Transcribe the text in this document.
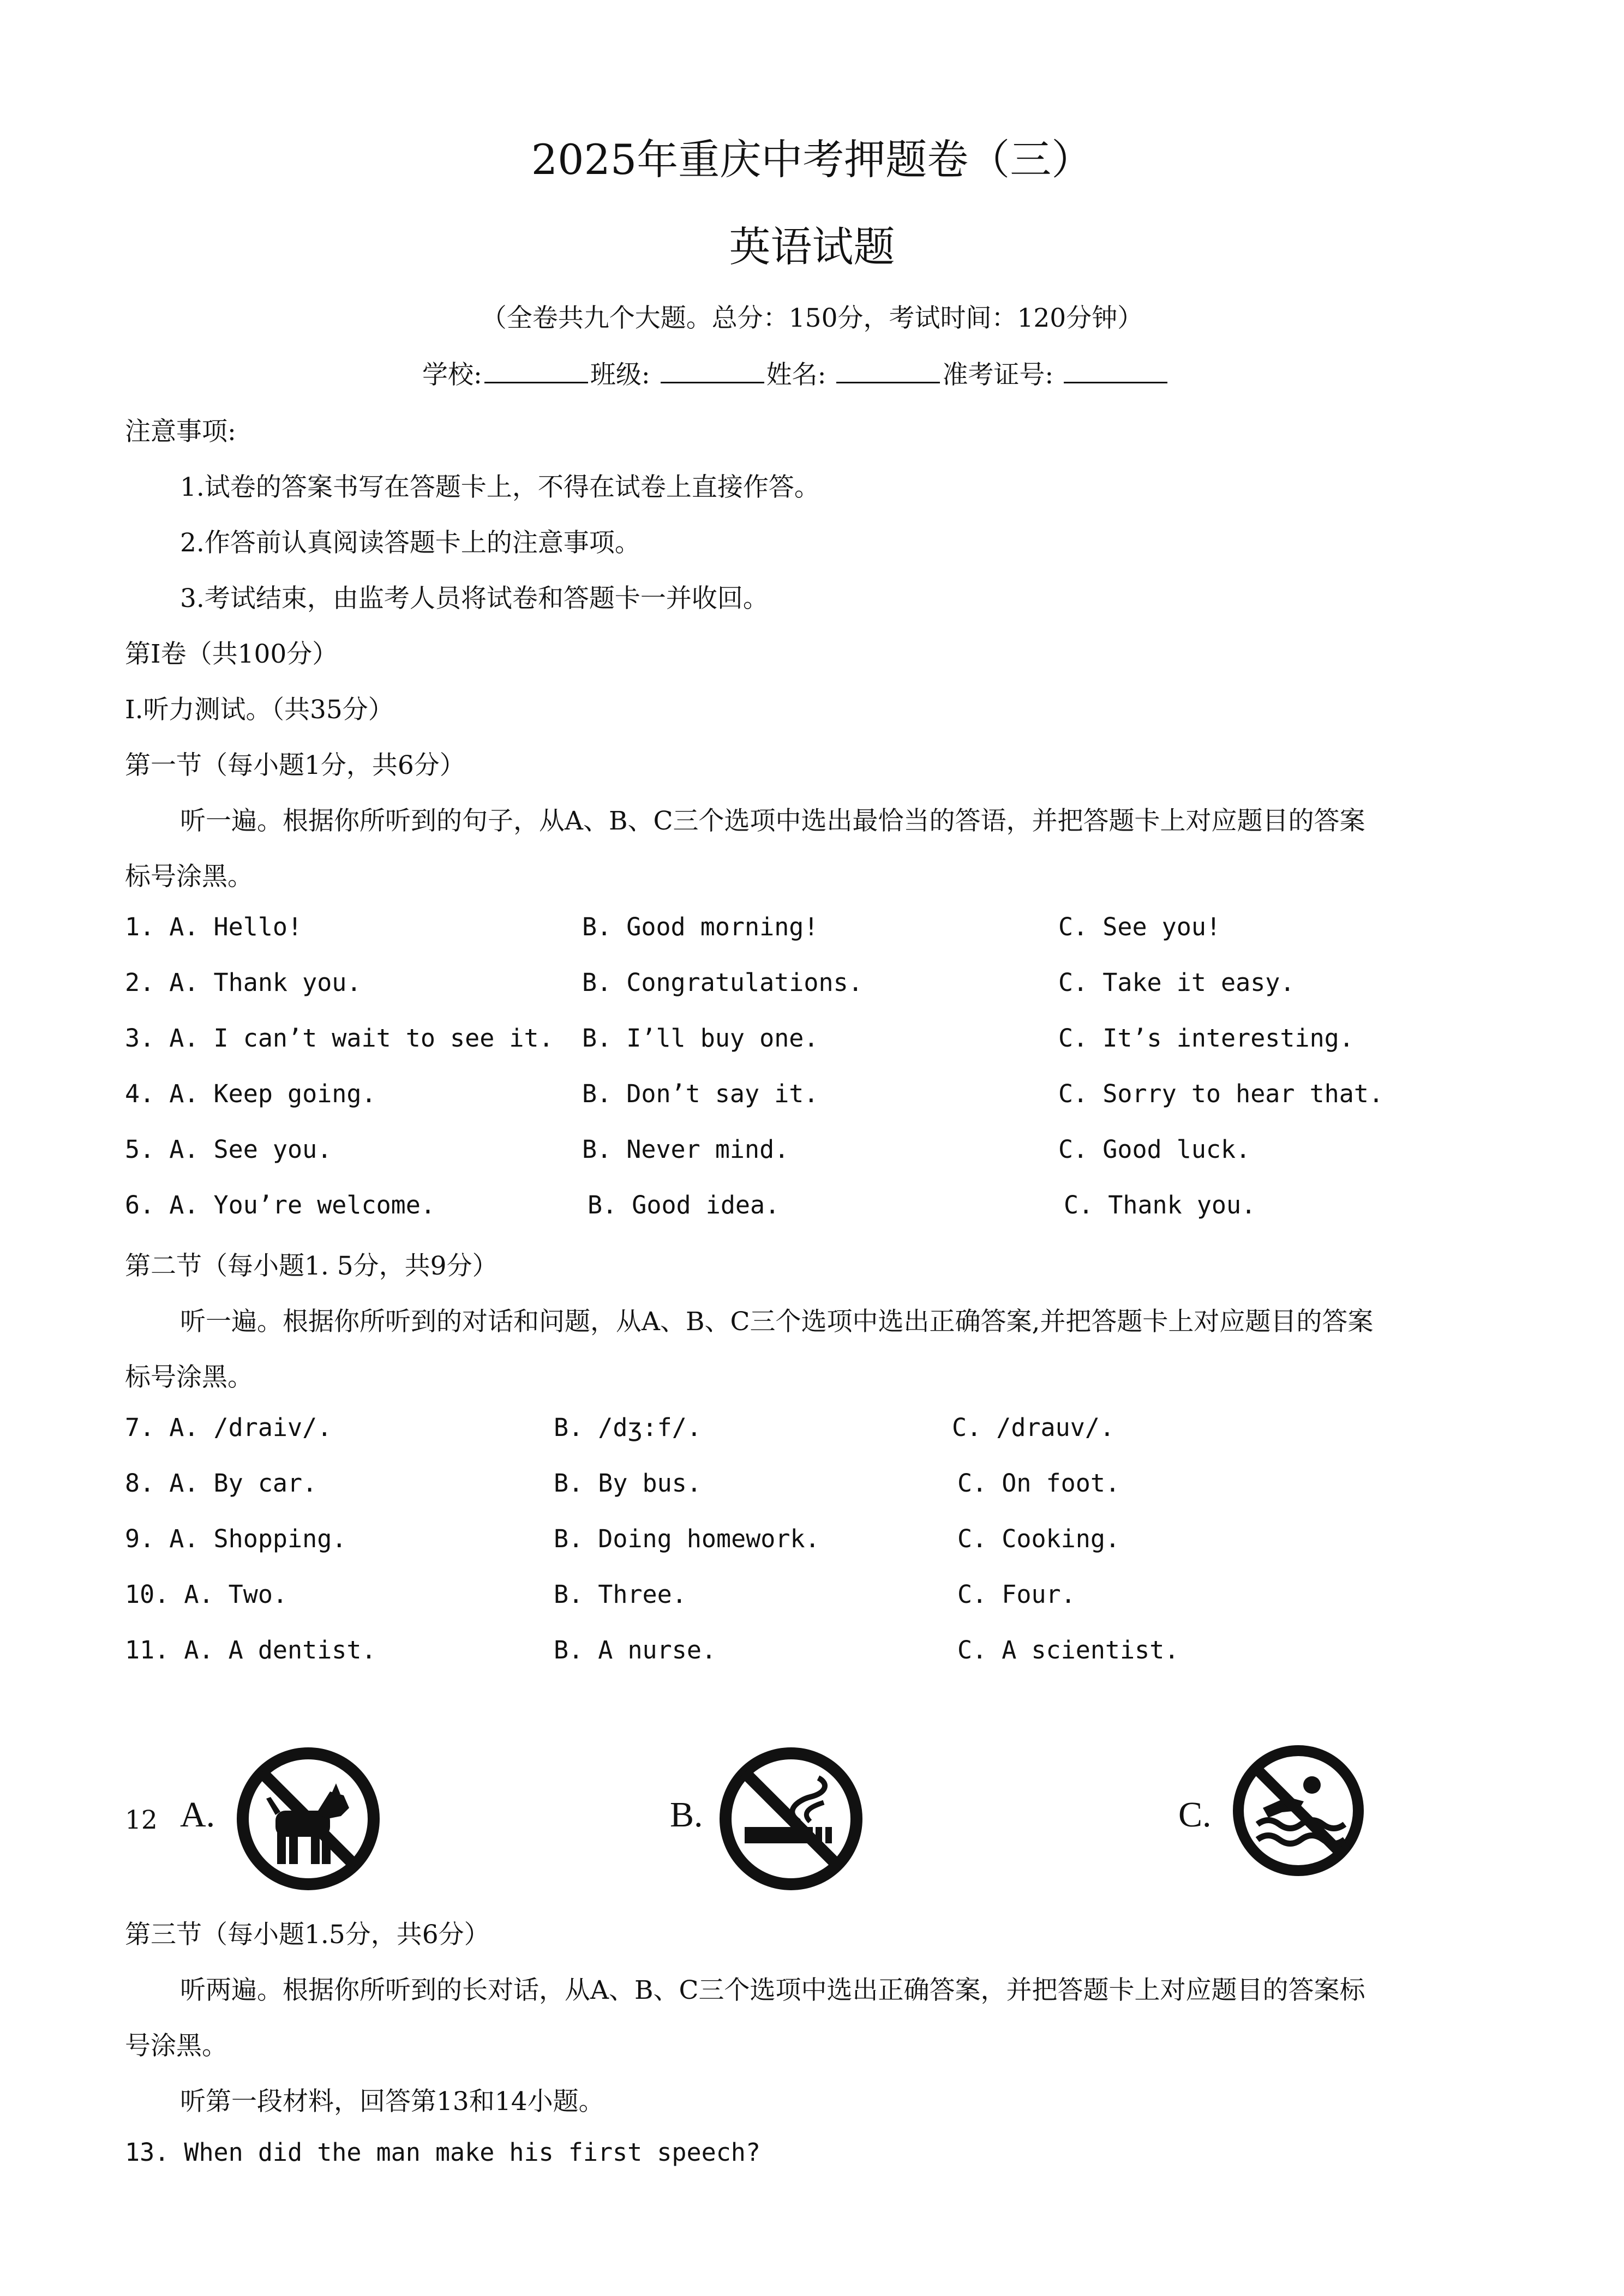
2025年重庆中考押题卷（三）
英语试题
（全卷共九个大题。总分：150分，考试时间：120分钟）
学校:	班级:	姓名:	准考证号:
注意事项:
1.试卷的答案书写在答题卡上，不得在试卷上直接作答。
2.作答前认真阅读答题卡上的注意事项。
3.考试结束，由监考人员将试卷和答题卡一并收回。
第I卷（共100分）
I.听力测试。（共35分）
第一节（每小题1分，共6分）
听一遍。根据你所听到的句子，从A、B、C三个选项中选出最恰当的答语，并把答题卡上对应题目的答案
标号涂黑。
1. A. Hello!	B. Good morning!	C. See you!
2. A. Thank you.	B. Congratulations.	C. Take it easy.
3. A. I can’t wait to see it. B. I’ll buy one.	C. It’s interesting.
4. A. Keep going.	B. Don’t say it.	C. Sorry to hear that.
5. A. See you.	B. Never mind.	C. Good luck.
6. A. You’re welcome.	B. Good idea.	C. Thank you.
第二节（每小题1. 5分，共9分）
听一遍。根据你所听到的对话和问题，从A、B、C三个选项中选出正确答案,并把答题卡上对应题目的答案
标号涂黑。
7. A. /draiv/.	B. /dʒ:f/.	C. /drauv/.
8. A. By car.	B. By bus.	C. On foot.
9. A. Shopping.	B. Doing homework.	C. Cooking.
10. A. Two.	B. Three.	C. Four.
11. A. A dentist.	B. A nurse.	C. A scientist.
12 A.	B.	C.
第三节（每小题1.5分，共6分）
听两遍。根据你所听到的长对话，从A、B、C三个选项中选出正确答案，并把答题卡上对应题目的答案标
号涂黑。
听第一段材料，回答第13和14小题。
13. When did the man make his first speech?
